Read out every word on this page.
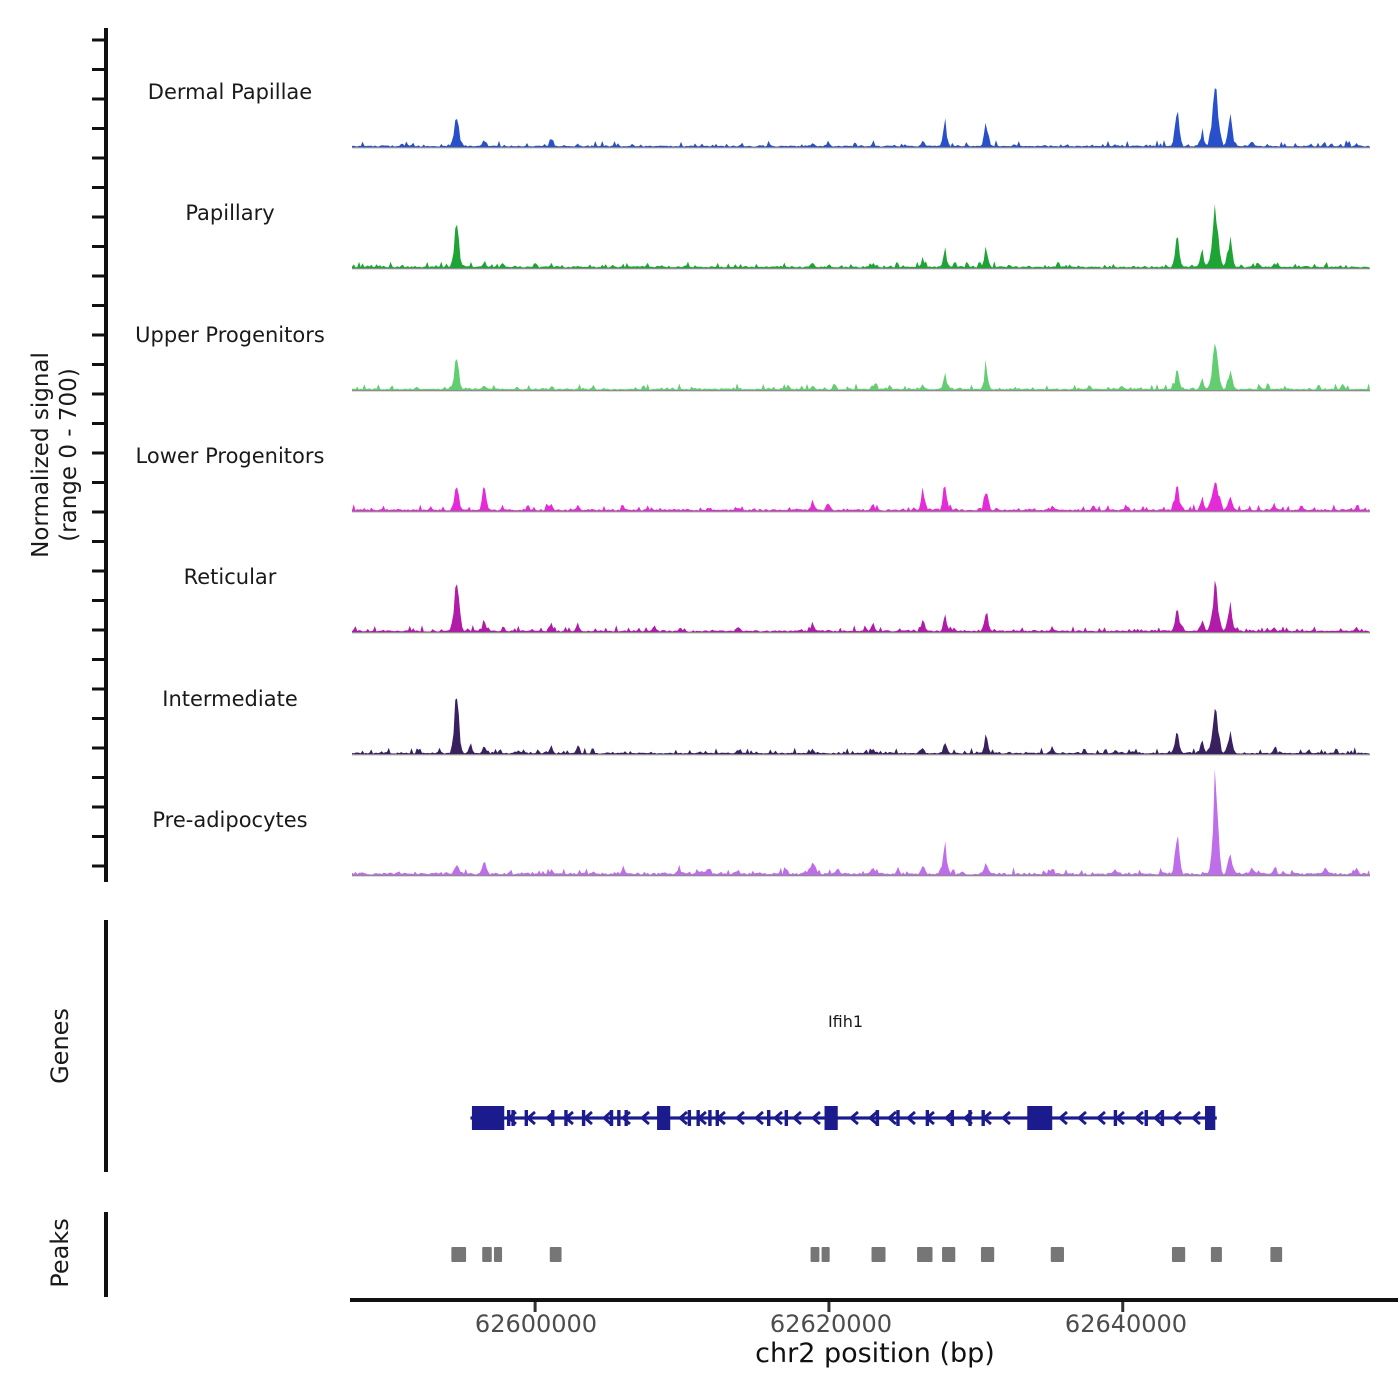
Normalized signal (range 0 - 700)
Dermal Papillae
Papillary
Upper Progenitors
Lower Progenitors
Reticular
Intermediate
Pre-adipocytes
Genes
Peaks
Ifih1
62600000	62620000	62640000
chr2 position (bp)
